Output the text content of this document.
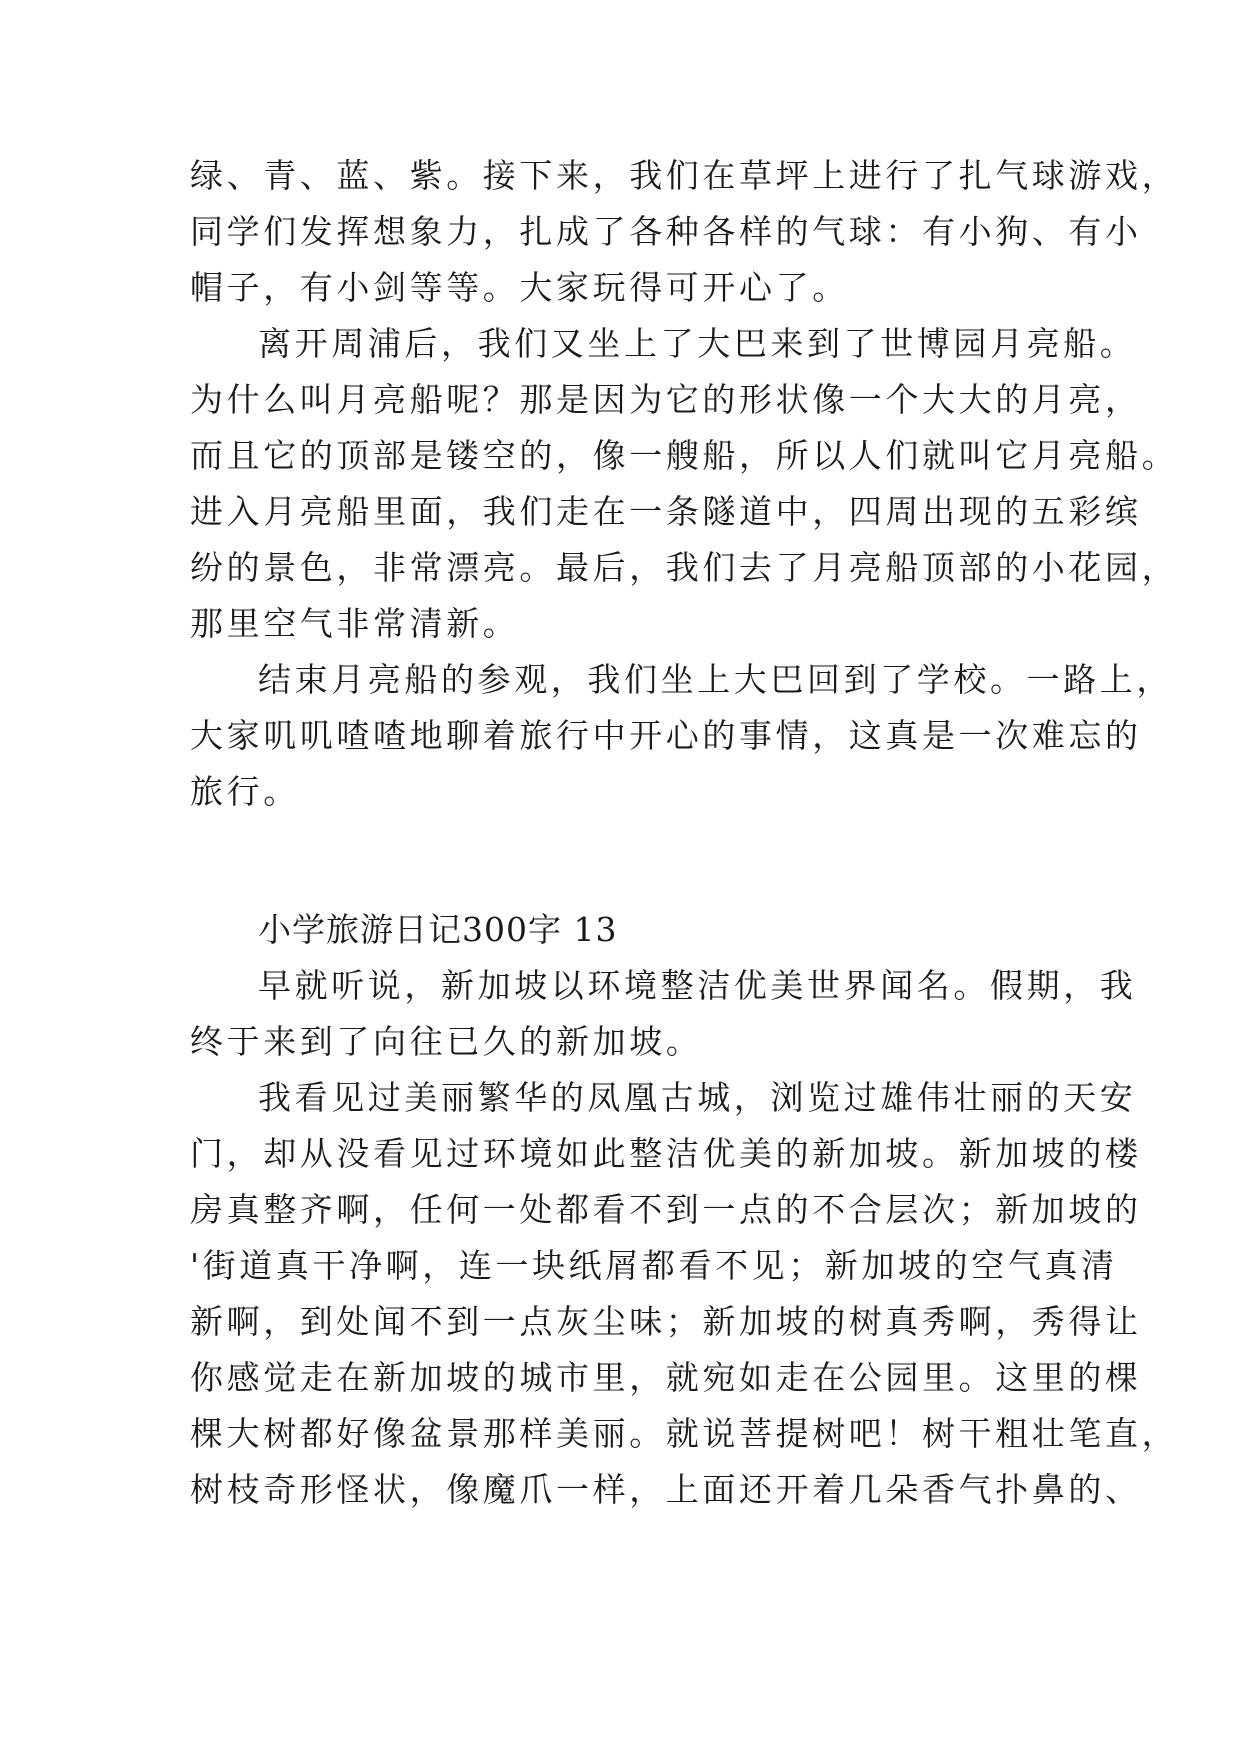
绿、青、蓝、紫。接下来，我们在草坪上进行了扎气球游戏，
同学们发挥想象力，扎成了各种各样的气球：有小狗、有小
帽子，有小剑等等。大家玩得可开心了。
离开周浦后，我们又坐上了大巴来到了世博园月亮船。
为什么叫月亮船呢？那是因为它的形状像一个大大的月亮，
而且它的顶部是镂空的，像一艘船，所以人们就叫它月亮船。
进入月亮船里面，我们走在一条隧道中，四周出现的五彩缤
纷的景色，非常漂亮。最后，我们去了月亮船顶部的小花园，
那里空气非常清新。
结束月亮船的参观，我们坐上大巴回到了学校。一路上，
大家叽叽喳喳地聊着旅行中开心的事情，这真是一次难忘的
旅行。
小学旅游日记300字 13
早就听说，新加坡以环境整洁优美世界闻名。假期，我
终于来到了向往已久的新加坡。
我看见过美丽繁华的凤凰古城，浏览过雄伟壮丽的天安
门，却从没看见过环境如此整洁优美的新加坡。新加坡的楼
房真整齐啊，任何一处都看不到一点的不合层次；新加坡的
'街道真干净啊，连一块纸屑都看不见；新加坡的空气真清
新啊，到处闻不到一点灰尘味；新加坡的树真秀啊，秀得让
你感觉走在新加坡的城市里，就宛如走在公园里。这里的棵
棵大树都好像盆景那样美丽。就说菩提树吧！树干粗壮笔直，
树枝奇形怪状，像魔爪一样，上面还开着几朵香气扑鼻的、
